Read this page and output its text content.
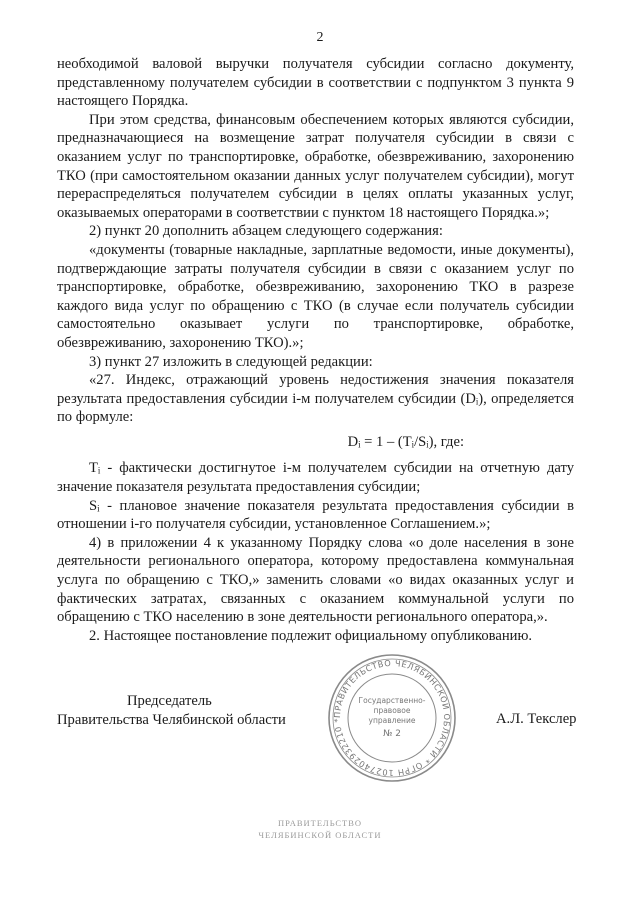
2

необходимой валовой выручки получателя субсидии согласно документу, представленному получателем субсидии в соответствии с подпунктом 3 пункта 9 настоящего Порядка.

При этом средства, финансовым обеспечением которых являются субсидии, предназначающиеся на возмещение затрат получателя субсидии в связи с оказанием услуг по транспортировке, обработке, обезвреживанию, захоронению ТКО (при самостоятельном оказании данных услуг получателем субсидии), могут перераспределяться получателем субсидии в целях оплаты указанных услуг, оказываемых операторами в соответствии с пунктом 18 настоящего Порядка.»;

2) пункт 20 дополнить абзацем следующего содержания:

«документы (товарные накладные, зарплатные ведомости, иные документы), подтверждающие затраты получателя субсидии в связи с оказанием услуг по транспортировке, обработке, обезвреживанию, захоронению ТКО в разрезе каждого вида услуг по обращению с ТКО (в случае если получатель субсидии самостоятельно оказывает услуги по транспортировке, обработке, обезвреживанию, захоронению ТКО).»;

3) пункт 27 изложить в следующей редакции:

«27. Индекс, отражающий уровень недостижения значения показателя результата предоставления субсидии i-м получателем субсидии (Dᵢ), определяется по формуле:

Dᵢ = 1 – (Tᵢ/Sᵢ), где:

Tᵢ - фактически достигнутое i-м получателем субсидии на отчетную дату значение показателя результата предоставления субсидии;

Sᵢ - плановое значение показателя результата предоставления субсидии в отношении i-го получателя субсидии, установленное Соглашением.»;

4) в приложении 4 к указанному Порядку слова «о доле населения в зоне деятельности регионального оператора, которому предоставлена коммунальная услуга по обращению с ТКО,» заменить словами «о видах оказанных услуг и фактических затратах, связанных с оказанием коммунальной услуги по обращению с ТКО населению в зоне деятельности регионального оператора,».

2. Настоящее постановление подлежит официальному опубликованию.

Председатель
Правительства Челябинской области	ПРАВИТЕЛЬСТВО ЧЕЛЯБИНСКОЙ ОБЛАСТИ * ОГРН 1027402932210 *
Государственно-
правовое
управление
№ 2
А.Л. Текслер
ПРАВИТЕЛЬСТВО
ЧЕЛЯБИНСКОЙ ОБЛАСТИ
